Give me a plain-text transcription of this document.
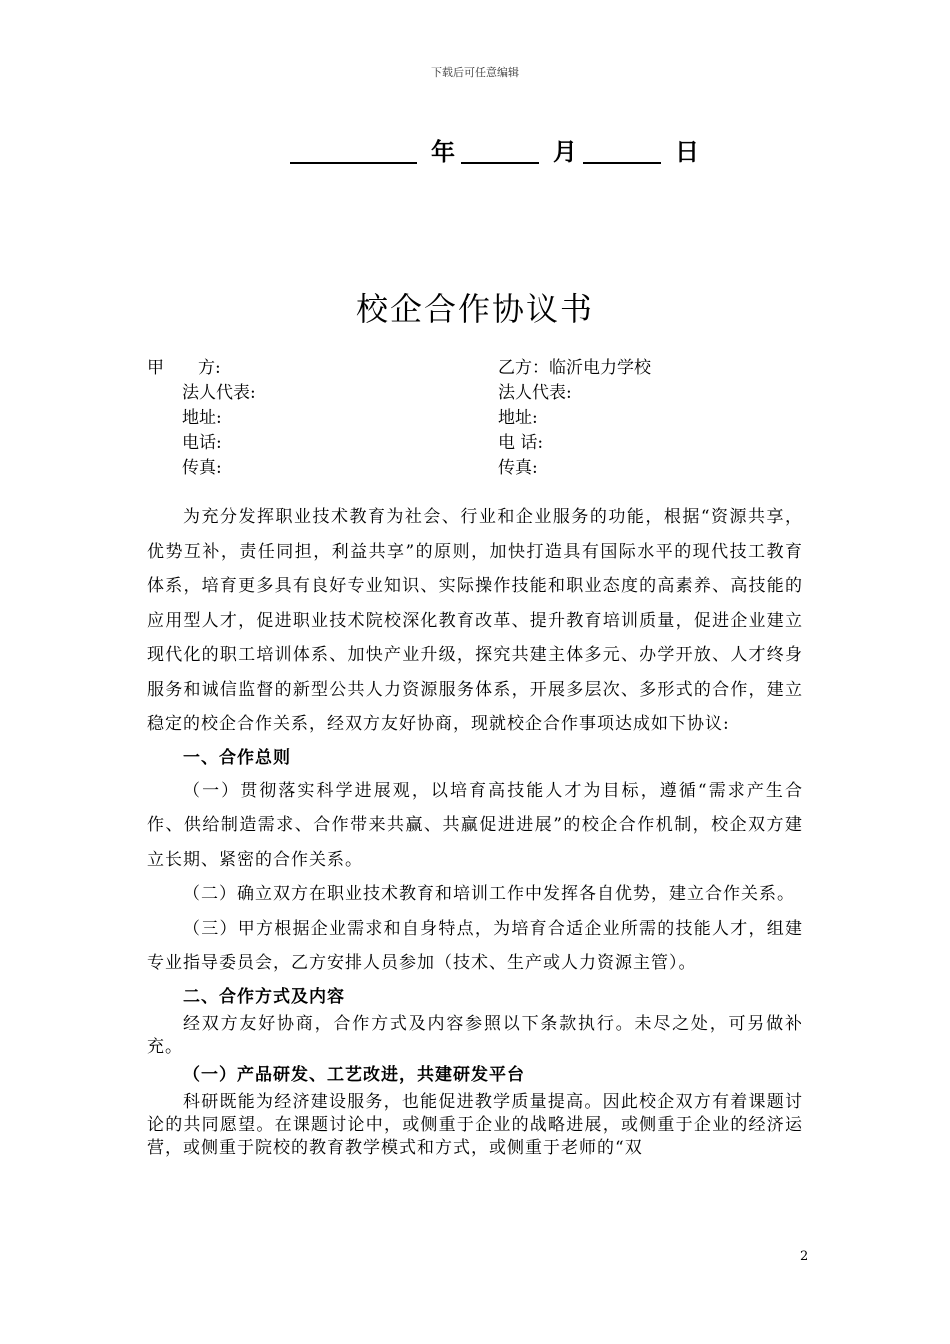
下载后可任意编辑
年	月	日
校企合作协议书
甲　　方:	乙方：临沂电力学校
法人代表:	法人代表:
地址:	地址:
电话:	电 话:
传真:	传真:

为充分发挥职业技术教育为社会、行业和企业服务的功能，根据“资源共享，优势互补，责任同担，利益共享”的原则，加快打造具有国际水平的现代技工教育体系，培育更多具有良好专业知识、实际操作技能和职业态度的高素养、高技能的应用型人才，促进职业技术院校深化教育改革、提升教育培训质量，促进企业建立现代化的职工培训体系、加快产业升级，探究共建主体多元、办学开放、人才终身服务和诚信监督的新型公共人力资源服务体系，开展多层次、多形式的合作，建立稳定的校企合作关系，经双方友好协商，现就校企合作事项达成如下协议:

一、合作总则

（一）贯彻落实科学进展观，以培育高技能人才为目标，遵循“需求产生合作、供给制造需求、合作带来共赢、共赢促进进展”的校企合作机制，校企双方建立长期、紧密的合作关系。

（二）确立双方在职业技术教育和培训工作中发挥各自优势，建立合作关系。

（三）甲方根据企业需求和自身特点，为培育合适企业所需的技能人才，组建专业指导委员会，乙方安排人员参加（技术、生产或人力资源主管）。

二、合作方式及内容

经双方友好协商，合作方式及内容参照以下条款执行。未尽之处，可另做补充。

（一）产品研发、工艺改进，共建研发平台

科研既能为经济建设服务，也能促进教学质量提高。因此校企双方有着课题讨论的共同愿望。在课题讨论中，或侧重于企业的战略进展，或侧重于企业的经济运营，或侧重于院校的教育教学模式和方式，或侧重于老师的“双

2
